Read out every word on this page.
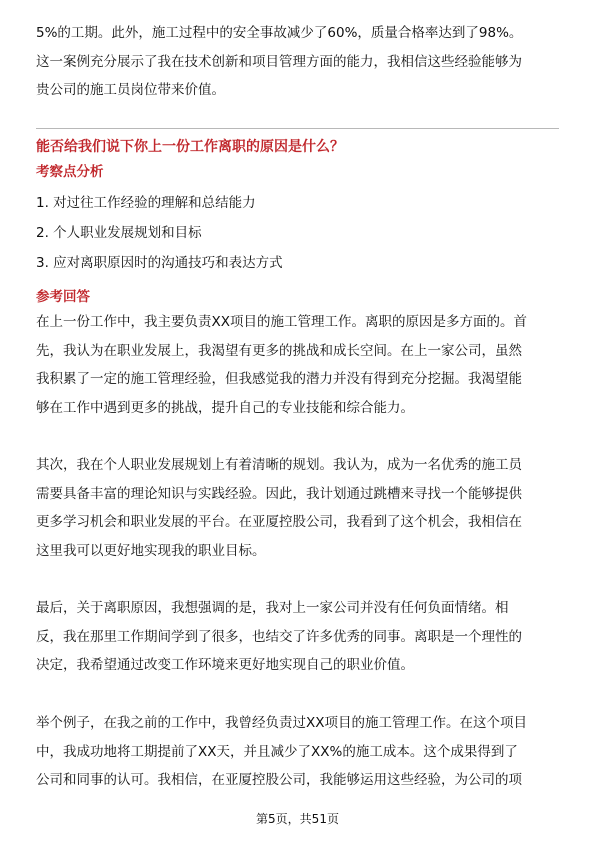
5%的工期。此外，施工过程中的安全事故减少了60%，质量合格率达到了98%。
这一案例充分展示了我在技术创新和项目管理方面的能力，我相信这些经验能够为
贵公司的施工员岗位带来价值。

能否给我们说下你上一份工作离职的原因是什么？

考察点分析

1. 对过往工作经验的理解和总结能力
2. 个人职业发展规划和目标
3. 应对离职原因时的沟通技巧和表达方式

参考回答

在上一份工作中，我主要负责XX项目的施工管理工作。离职的原因是多方面的。首
先，我认为在职业发展上，我渴望有更多的挑战和成长空间。在上一家公司，虽然
我积累了一定的施工管理经验，但我感觉我的潜力并没有得到充分挖掘。我渴望能
够在工作中遇到更多的挑战，提升自己的专业技能和综合能力。
其次，我在个人职业发展规划上有着清晰的规划。我认为，成为一名优秀的施工员
需要具备丰富的理论知识与实践经验。因此，我计划通过跳槽来寻找一个能够提供
更多学习机会和职业发展的平台。在亚厦控股公司，我看到了这个机会，我相信在
这里我可以更好地实现我的职业目标。
最后，关于离职原因，我想强调的是，我对上一家公司并没有任何负面情绪。相
反，我在那里工作期间学到了很多，也结交了许多优秀的同事。离职是一个理性的
决定，我希望通过改变工作环境来更好地实现自己的职业价值。
举个例子，在我之前的工作中，我曾经负责过XX项目的施工管理工作。在这个项目
中，我成功地将工期提前了XX天，并且减少了XX%的施工成本。这个成果得到了
公司和同事的认可。我相信，在亚厦控股公司，我能够运用这些经验，为公司的项

第5页，共51页
